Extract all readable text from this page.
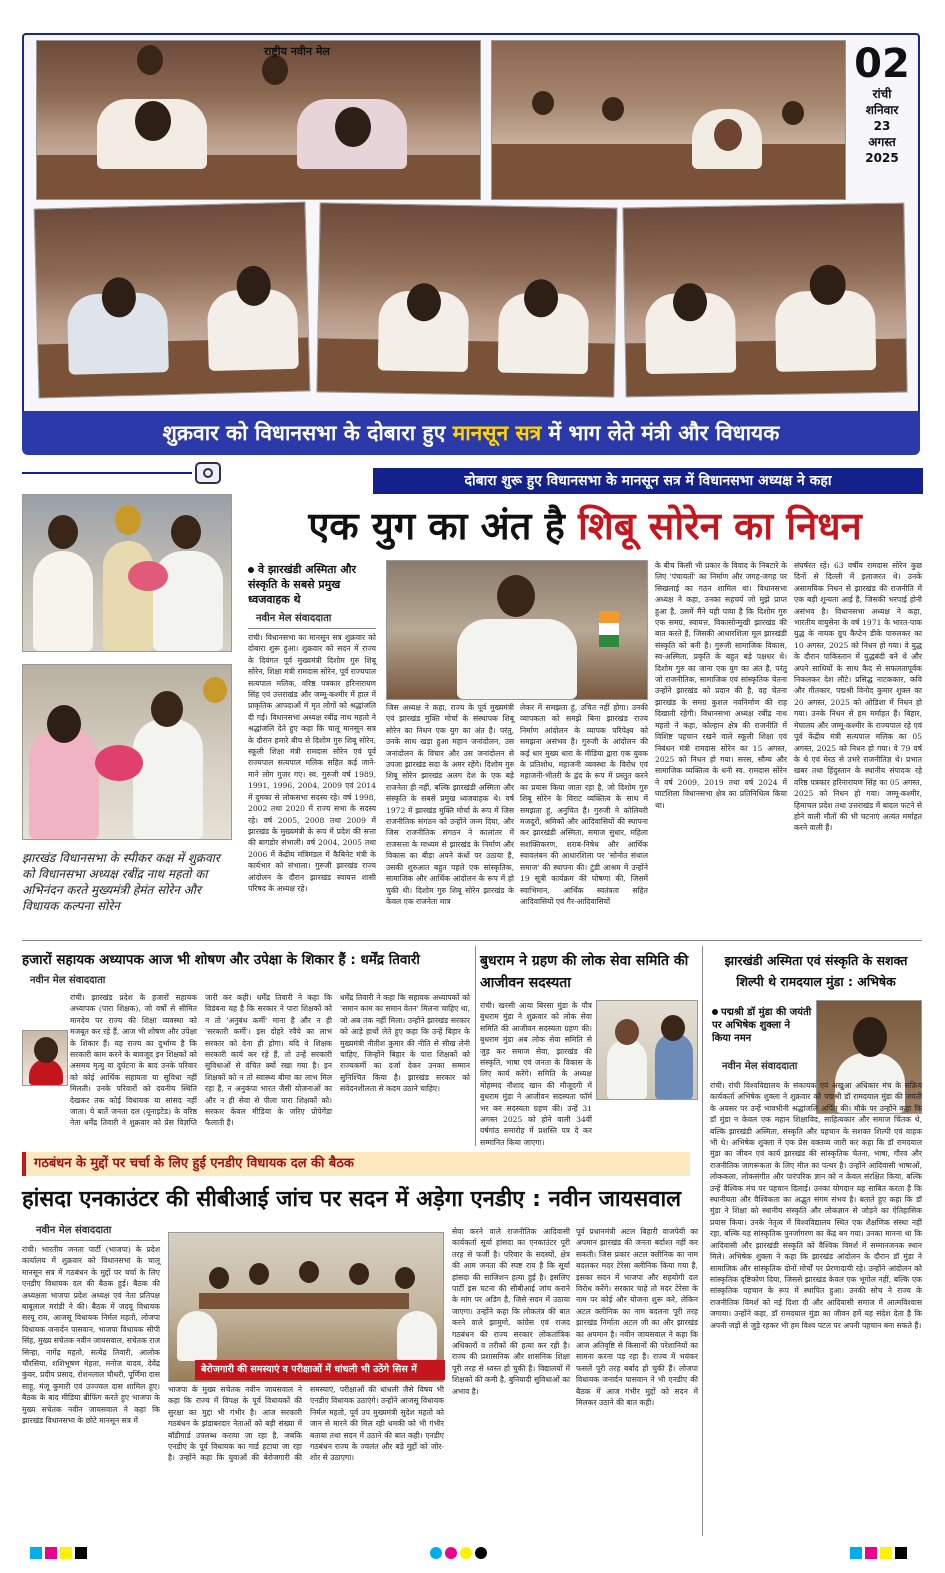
राष्ट्रीय नवीन मेल	02
रांची
शनिवार
23
अगस्त
2025
शुक्रवार को विधानसभा के दोबारा हुए मानसून सत्र में भाग लेते मंत्री और विधायक
दोबारा शुरू हुए विधानसभा के मानसून सत्र में विधानसभा अध्यक्ष ने कहा
एक युग का अंत है शिबू सोरेन का निधन
झारखंड विधानसभा के स्पीकर कक्ष में शुक्रवार को विधानसभा अध्यक्ष रबींद्र नाथ महतो का अभिनंदन करते मुख्यमंत्री हेमंत सोरेन और विधायक कल्पना सोरेन
वे झारखंडी अस्मिता और संस्कृति के सबसे प्रमुख ध्वजवाहक थे
नवीन मेल संवाददाता
रांची। विधानसभा का मानसून सत्र शुक्रवार को दोबारा शुरू हुआ। शुक्रवार को सदन में राज्य के दिवंगत पूर्व मुख्यमंत्री दिशोम गुरु शिबू सोरेन, शिक्षा मंत्री रामदास सोरेन, पूर्व राज्यपाल सत्यपाल मलिक, वरिष्ठ पत्रकार हरिनारायण सिंह एवं उत्तराखंड और जम्मू-कश्मीर में हाल में प्राकृतिक आपदाओं में मृत लोगों को श्रद्धांजलि दी गई। विधानसभा अध्यक्ष रबींद्र नाथ महतो ने श्रद्धांजलि देते हुए कहा कि चालू मानसून सत्र के दौरान हमारे बीच से दिशोम गुरु शिबू सोरेन, स्कूली शिक्षा मंत्री रामदास सोरेन एवं पूर्व राज्यपाल सत्यपाल मलिक सहित कई जाने-माने लोग गुजर गए। स्व. गुरुजी वर्ष 1989, 1991, 1996, 2004, 2009 एवं 2014 में दुमका से लोकसभा सदस्य रहे। वर्ष 1998, 2002 तथा 2020 में राज्य सभा के सदस्य रहे। वर्ष 2005, 2008 तथा 2009 में झारखंड के मुख्यमंत्री के रूप में प्रदेश की सत्ता की बागडोर संभाली। वर्ष 2004, 2005 तथा 2006 में केंद्रीय मंत्रिमंडल में कैबिनेट मंत्री के कार्यभार को संभाला। गुरुजी झारखंड राज्य आंदोलन के दौरान झारखंड स्वायत्त शासी परिषद के अध्यक्ष रहे।
जिस अध्यक्ष ने कहा, राज्य के पूर्व मुख्यमंत्री एवं झारखंड मुक्ति मोर्चा के संस्थापक शिबू सोरेन का निधन एक युग का अंत है। परंतु, उनके साथ खड़ा हुआ महान जनांदोलन, उस जनांदोलन के विचार और उस जनांदोलन से उपजा झारखंड सदा के अमर रहेंगे। दिशोम गुरु शिबू सोरेन झारखंड अलग देश के एक बड़े राजनेता ही नहीं, बल्कि झारखंडी अस्मिता और संस्कृति के सबसे प्रमुख ध्वजवाहक थे। वर्ष 1972 में झारखंड मुक्ति मोर्चा के रूप में जिस राजनीतिक संगठन को उन्होंने जन्म दिया, और जिस राजनीतिक संगठन ने कालांतर में राजसत्ता के माध्यम से झारखंड के निर्माण और विकास का बीड़ा अपने कंधों पर उठाया है, उसकी शुरुआत बहुत पहले एक सांस्कृतिक, सामाजिक और आर्थिक आंदोलन के रूप में हो चुकी थी। दिशोम गुरु शिबू सोरेन झारखंड के केवल एक राजनेता मात्र
लेकर में समझता हूं, उचित नहीं होगा। उनकी व्यापकता को समझे बिना झारखंड राज्य निर्माण आंदोलन के व्यापक परिपेक्ष्य को समझना असंभव है। गुरुजी के आंदोलन की कई धार मुख्य धारा के मीडिया द्वारा एक युवक के प्रतिशोध, महाजनी व्यवस्था के विरोध एवं महाजनी-भीतरी के द्वंद के रूप में प्रस्तुत करने का प्रयास किया जाता रहा है, जो दिशोम गुरु शिबू सोरेन के विराट व्यक्तित्व के साथ में समझता हूं, अनुचित है। गुरुजी ने कोलियरी मजदूरों, श्रमिकों और आदिवासियों की स्थापना कर झारखंडी अस्मिता, समाज सुधार, महिला सशक्तिकरण, शराब-निषेध और आर्थिक स्वावलंबन की आधारशिला पर 'सोनोत संथाल समाज' की स्थापना की। टुंडी आश्रम में उन्होंने 19 सूत्री कार्यक्रम की घोषणा की, जिसमें स्वाभिमान, आर्थिक स्वतंत्रता सहित आदिवासियों एवं गैर-आदिवासियों
के बीच किसी भी प्रकार के विवाद के निबटारे के लिए 'पंचायतों' का निर्माण और जगह-जगह पर सिखलाई का गठन शामिल था। विधानसभा अध्यक्ष ने कहा, उनका सहचर्य जो मुझे प्राप्त हुआ है, उसमें मैंने यही पाया है कि दिशोम गुरु एक समग्र, स्वायत्त, विकासोन्मुखी झारखंड की बात करते हैं, जिसकी आधारशिला मूल झारखंडी संस्कृति को बनी है। गुरुजी सामाजिक विकास, स्व-अस्मिता, प्रकृति के बहुत बड़े पक्षधर थे। दिशोम गुरु का जाना एक युग का अंत है, परंतु जो राजनीतिक, सामाजिक एवं सांस्कृतिक चेतना उन्होंने झारखंड को प्रदान की है, वह चेतना झारखंड के समग्र कुशल नवनिर्माण की राह दिखाती रहेगी। विधानसभा अध्यक्ष रबींद्र नाथ महतो ने कहा, कोल्हान क्षेत्र की राजनीति में विशिष्ट पहचान रखने वाले स्कूली शिक्षा एवं निबंधन मंत्री रामदास सोरेन का 15 अगस्त, 2025 को निधन हो गया। सरस, सौम्य और सामाजिक व्यक्तित्व के धनी स्व. रामदास सोरेन ने वर्ष 2009, 2019 तथा वर्ष 2024 में घाटशिला विधानसभा क्षेत्र का प्रतिनिधित्व किया था।
संघर्षरत रहे। 63 वर्षीय रामदास सोरेन कुछ दिनों से दिल्ली में इलाजरत थे। उनके असामयिक निधन से झारखंड की राजनीति में एक बड़ी शून्यता आई है, जिसकी भरपाई होनी असंभव है। विधानसभा अध्यक्ष ने कहा, भारतीय वायुसेना के वर्ष 1971 के भारत-पाक युद्ध के नायक ग्रुप कैप्टेन डीके पारुलकर का 10 अगस्त, 2025 को निधन हो गया। वे युद्ध के दौरान पाकिस्तान में युद्धबंदी बने थे और अपने साथियों के साथ कैद से सफलतापूर्वक निकलकर देश लौटे। प्रसिद्ध नाटककार, कवि और गीतकार, पद्मश्री विनोद कुमार शुक्ल का 20 अगस्त, 2025 को ओडिशा में निधन हो गया। उनके निधन से हम मर्माहत हैं। बिहार, मेघालय और जम्मू-कश्मीर के राज्यपाल रहे एवं पूर्व केंद्रीय मंत्री सत्यपाल मलिक का 05 अगस्त, 2025 को निधन हो गया। वे 79 वर्ष के थे एवं मेरठ से उभरे राजनीतिज्ञ थे। प्रभात खबर तथा हिंदुस्तान के स्थानीय संपादक रहे वरिष्ठ पत्रकार हरिनारायण सिंह का 05 अगस्त, 2025 को निधन हो गया। जम्मू-कश्मीर, हिमाचल प्रदेश तथा उत्तराखंड में बादल फटने से होने वाली मौतों की भी घटनाएं अत्यंत मर्माहत करने वाली हैं।
हजारों सहायक अध्यापक आज भी शोषण और उपेक्षा के शिकार हैं : धर्मेंद्र तिवारी
नवीन मेल संवाददाता
रांची। झारखंड प्रदेश के हजारों सहायक अध्यापक (पारा शिक्षक), जो वर्षों से सीमित मानदेय पर राज्य की शिक्षा व्यवस्था को मजबूत कर रहे हैं, आज भी शोषण और उपेक्षा के शिकार हैं। यह राज्य का दुर्भाग्य है कि सरकारी काम करने के बावजूद इन शिक्षकों को असमय मृत्यु या दुर्घटना के बाद उनके परिवार को कोई आर्थिक सहायता या सुविधा नहीं मिलती। उनके परिवारों को दयनीय स्थिति देखकर तक कोई विधायक या सांसद नहीं जाता। ये बातें जनता दल (यूनाइटेड) के वरिष्ठ नेता धर्मेंद्र तिवारी ने शुक्रवार को प्रेस विज्ञप्ति जारी कर कही। धर्मेंद्र तिवारी ने कहा कि विडंबना यह है कि सरकार ने पारा शिक्षकों को न तो 'अनुबंध कर्मी' माना है और न ही 'सरकारी कर्मी'। इस दोहरे रवैये का लाभ सरकार को देना ही होगा। यदि वे शिक्षक सरकारी कार्य कर रहे हैं, तो उन्हें सरकारी सुविधाओं से वंचित क्यों रखा गया है। इन शिक्षकों को न तो स्वास्थ्य बीमा का लाभ मिल रहा है, न अनुकंपा भारत जैसी योजनाओं का और न ही सेवा से पीला पारा शिक्षकों को। सरकार केवल मीडिया के जरिए प्रोपेगेंडा फैलाती है।
धर्मेंद्र तिवारी ने कहा कि सहायक अध्यापकों को 'समान काम का समान वेतन' मिलना चाहिए था, जो अब तक नहीं मिला। उन्होंने झारखंड सरकार को आड़े हाथों लेते हुए कहा कि उन्हें बिहार के मुख्यमंत्री नीतीश कुमार की नीति से सीख लेनी चाहिए, जिन्होंने बिहार के पारा शिक्षकों को राज्यकर्मी का दर्जा देकर उनका सम्मान सुनिश्चित किया है। झारखंड सरकार को संवेदनशीलता से कदम उठाने चाहिए।
बुधराम ने ग्रहण की लोक सेवा समिति की आजीवन सदस्यता
रांची। खरसी आया बिरसा मुंडा के पौत्र बुधराम मुंडा ने शुक्रवार को लोक सेवा समिति की आजीवन सदस्यता ग्रहण की। बुधराम मुंडा अब लोक सेवा समिति से जुड़ कर समाज सेवा, झारखंड की संस्कृति, भाषा एवं जनता के विकास के लिए कार्य करेंगे। समिति के अध्यक्ष मोहम्मद नौशाद खान की मौजूदगी में बुधराम मुंडा ने आजीवन सदस्यता फॉर्म भर कर सदस्यता ग्रहण की। उन्हें 31 अगस्त 2025 को होने वाली 34वीं वर्षगांठ समारोह में प्रशस्ति पत्र दे कर सम्मानित किया जाएगा।
झारखंडी अस्मिता एवं संस्कृति के सशक्त शिल्पी थे रामदयाल मुंडा : अभिषेक
पद्मश्री डॉ मुंडा की जयंती पर अभिषेक शुक्ला ने किया नमन
नवीन मेल संवाददाता
रांची। रांची विश्वविद्यालय के संकायक एवं अखुआ अधिकार मंच के सक्रिय कार्यकर्ता अभिषेक शुक्ला ने शुक्रवार को पद्मश्री डॉ रामदयाल मुंडा की जयंती के अवसर पर उन्हें भावभीनी श्रद्धांजलि अर्पित की। मौके पर उन्होंने कहा कि डॉ मुंडा न केवल एक महान शिक्षाविद, साहित्यकार और समाज चिंतक थे, बल्कि झारखंडी अस्मिता, संस्कृति और पहचान के सशक्त शिल्पी एवं वाहक भी थे। अभिषेक शुक्ला ने एक प्रेस वक्तव्य जारी कर कहा कि डॉ रामदयाल मुंडा का जीवन एवं कार्य झारखंड की सांस्कृतिक चेतना, भाषा, गौरव और राजनीतिक जागरूकता के लिए मील का पत्थर है। उन्होंने आदिवासी भाषाओं, लोककला, लोकसंगीत और पारंपरिक ज्ञान को न केवल संरक्षित किया, बल्कि उन्हें वैश्विक मंच पर पहचान दिलाई। उनका योगदान यह साबित करता है कि स्थानीयता और वैश्विकता का अद्भुत संगम संभव है। बताते हुए कहा कि डॉ मुंडा ने शिक्षा को स्थानीय संस्कृति और लोकज्ञान से जोड़ने का ऐतिहासिक प्रयास किया। उनके नेतृत्व में विश्वविद्यालय स्थित एक शैक्षणिक संस्था नहीं रहा, बल्कि यह सांस्कृतिक पुनर्जागरण का केंद्र बन गया। उनका मानना था कि आदिवासी और झारखंडी संस्कृति को वैश्विक विमर्श में सम्मानजनक स्थान मिले। अभिषेक शुक्ला ने कहा कि झारखंड आंदोलन के दौरान डॉ मुंडा ने सामाजिक और सांस्कृतिक दोनों मोर्चों पर प्रेरणादायी रहे। उन्होंने आंदोलन को सांस्कृतिक दृष्टिकोण दिया, जिससे झारखंड केवल एक भूगोल नहीं, बल्कि एक सांस्कृतिक पहचान के रूप में स्थापित हुआ। उनकी सोच ने राज्य के राजनीतिक विमर्श को नई दिशा दी और आदिवासी समाज में आत्मविश्वास जगाया। उन्होंने कहा, डॉ रामदयाल मुंडा का जीवन हमें यह संदेश देता है कि अपनी जड़ों से जुड़े रहकर भी हम विश्व पटल पर अपनी पहचान बना सकते हैं।
गठबंधन के मुद्दों पर चर्चा के लिए हुई एनडीए विधायक दल की बैठक
हांसदा एनकाउंटर की सीबीआई जांच पर सदन में अड़ेगा एनडीए : नवीन जायसवाल
नवीन मेल संवाददाता
रांची। भारतीय जनता पार्टी (भाजपा) के प्रदेश कार्यालय में शुक्रवार को विधानसभा के चालू मानसून सत्र में गठबंधन के मुद्दों पर चर्चा के लिए एनडीए विधायक दल की बैठक हुई। बैठक की अध्यक्षता भाजपा प्रदेश अध्यक्ष एवं नेता प्रतिपक्ष बाबूलाल मरांडी ने की। बैठक में जदयू विधायक सरयू राय, आजसू विधायक निर्मल महतो, लोजपा विधायक जनार्दन पासवान, भाजपा विधायक सीपी सिंह, मुख्य सचेतक नवीन जायसवाल, सचेतक राज सिन्हा, नागेंद्र महतो, सत्येंद्र तिवारी, आलोक चौरसिया, शशिभूषण मेहता, मनोज यादव, देवेंद्र कुंवर, प्रदीप प्रसाद, रोशनलाल चौधरी, पूर्णिमा दास साहू, मंजू कुमारी एवं उज्ज्वल दास शामिल हुए। बैठक के बाद मीडिया ब्रीफिंग करते हुए भाजपा के मुख्य सचेतक नवीन जायसवाल ने कहा कि झारखंड विधानसभा के छोटे मानसून सत्र में
बेरोजगारी की समस्याएं व परीक्षाओं में धांधली भी उठेंगे सिस में
भाजपा के मुख्य सचेतक नवीन जायसवाल ने कहा कि राज्य में विपक्ष के पूर्व विधायकों की सुरक्षा का मुद्दा भी गंभीर है। आज सरकारी गठबंधन के झंडाबरदार नेताओं को बड़ी संख्या में बॉडीगार्ड उपलब्ध कराया जा रहा है, जबकि एनडीए के पूर्व विधायक का गार्ड हटाया जा रहा है। उन्होंने कहा कि युवाओं की बेरोजगारी की समस्याएं, परीक्षाओं की धांधली जैसे विषय भी एनडीए विधायक उठाएंगे। उन्होंने आजसू विधायक निर्मल महतो, पूर्व उप मुख्यमंत्री सुदेश महतो को जान से मारने की मिल रही धमकी को भी गंभीर बताया तथा सदन में उठाने की बात कही। एनडीए गठबंधन राज्य के ज्वलंत और बड़े मुद्दों को जोर-शोर से उठाएगा।
सेवा करने वाले राजनीतिक आदिवासी कार्यकर्ता सूर्या हांसदा का एनकाउंटर पूरी तरह से फर्जी है। परिवार के सदस्यों, क्षेत्र की आम जनता की स्पष्ट राय है कि सूर्या हांसदा की साजिशन हत्या हुई है। इसलिए पार्टी इस घटना की सीबीआई जांच कराने के मांग पर अडिग है, जिसे सदन में उठाया जाएगा। उन्होंने कहा कि लोकतंत्र की बात करने वाले झामुमो, कांग्रेस एवं राजद गठबंधन की राज्य सरकार लोकतांत्रिक अधिकारों व तरीकों की हत्या कर रही है। राज्य की प्रशासनिक और शासनिक शिक्षा पूरी तरह से ध्वस्त हो चुकी है। विद्यालयों में शिक्षकों की कमी है, बुनियादी सुविधाओं का अभाव है।
पूर्व प्रधानमंत्री अटल बिहारी वाजपेयी का अपमान झारखंड की जनता बर्दाश्त नहीं कर सकती। जिस प्रकार अटल क्लीनिक का नाम बदलकर मदर टेरेसा क्लीनिक किया गया है, इसका सदन में भाजपा और सहयोगी दल विरोध करेंगे। सरकार चाहे तो मदर टेरेसा के नाम पर कोई और योजना शुरू करे, लेकिन अटल क्लीनिक का नाम बदलना पूरी तरह झारखंड निर्माता अटल जी का और झारखंड का अपमान है। नवीन जायसवाल ने कहा कि आज अतिवृष्टि से किसानों की परेशानियों का सामना करना पड़ रहा है। राज्य में भयंकर फसलें पूरी तरह बर्बाद हो चुकी हैं। लोजपा विधायक जनार्दन पासवान ने भी एनडीए की बैठक में आज गंभीर मुद्दों को सदन में मिलकर उठाने की बात कही।
